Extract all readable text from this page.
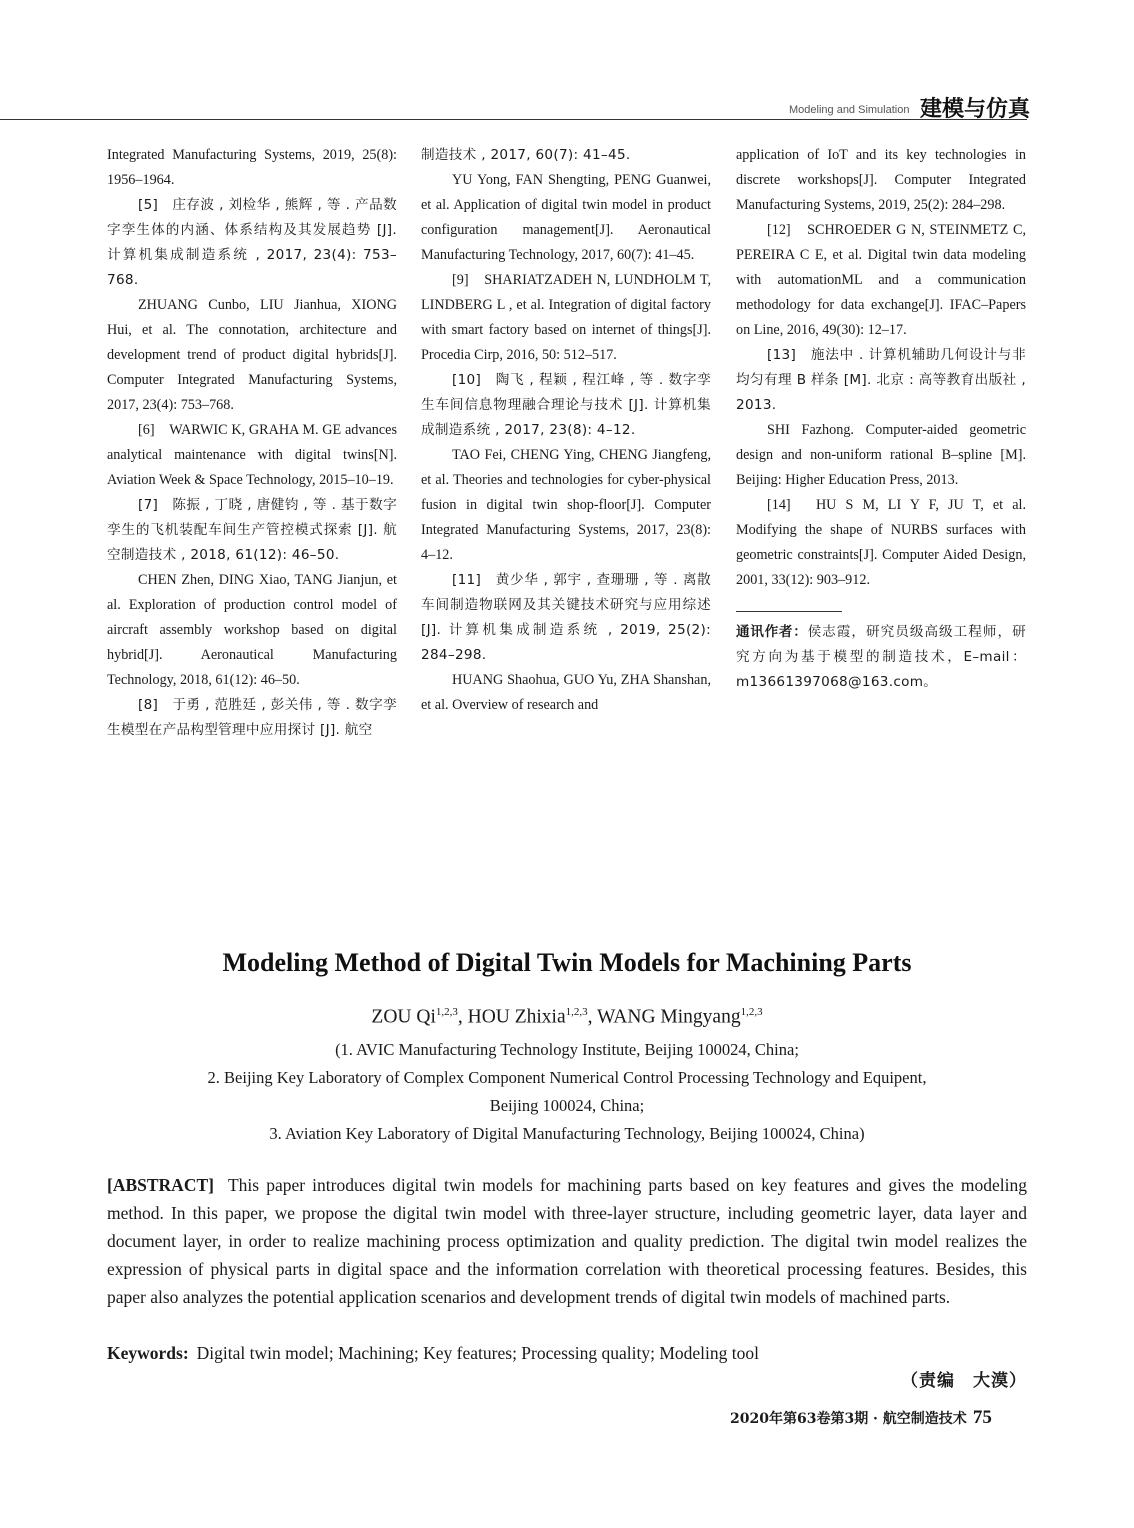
Modeling and Simulation 建模与仿真

Integrated Manufacturing Systems, 2019, 25(8): 1956–1964.

[5]　庄存波 , 刘检华 , 熊辉 , 等 . 产品数字孪生体的内涵、体系结构及其发展趋势 [J]. 计算机集成制造系统 , 2017, 23(4): 753–768.

ZHUANG Cunbo, LIU Jianhua, XIONG Hui, et al. The connotation, architecture and development trend of product digital hybrids[J]. Computer Integrated Manufacturing Systems, 2017, 23(4): 753–768.

[6]　WARWIC K, GRAHA M. GE advances analytical maintenance with digital twins[N]. Aviation Week & Space Technology, 2015–10–19.

[7]　陈振 , 丁晓 , 唐健钧 , 等 . 基于数字孪生的飞机装配车间生产管控模式探索 [J]. 航空制造技术 , 2018, 61(12): 46–50.

CHEN Zhen, DING Xiao, TANG Jianjun, et al. Exploration of production control model of aircraft assembly workshop based on digital hybrid[J]. Aeronautical Manufacturing Technology, 2018, 61(12): 46–50.

[8]　于勇 , 范胜廷 , 彭关伟 , 等 . 数字孪生模型在产品构型管理中应用探讨 [J]. 航空

制造技术 , 2017, 60(7): 41–45.

YU Yong, FAN Shengting, PENG Guanwei, et al. Application of digital twin model in product configuration management[J]. Aeronautical Manufacturing Technology, 2017, 60(7): 41–45.

[9]　SHARIATZADEH N, LUNDHOLM T, LINDBERG L , et al. Integration of digital factory with smart factory based on internet of things[J]. Procedia Cirp, 2016, 50: 512–517.

[10]　陶飞 , 程颖 , 程江峰 , 等 . 数字孪生车间信息物理融合理论与技术 [J]. 计算机集成制造系统 , 2017, 23(8): 4–12.

TAO Fei, CHENG Ying, CHENG Jiangfeng, et al. Theories and technologies for cyber-physical fusion in digital twin shop-floor[J]. Computer Integrated Manufacturing Systems, 2017, 23(8): 4–12.

[11]　黄少华 , 郭宇 , 查珊珊 , 等 . 离散车间制造物联网及其关键技术研究与应用综述 [J]. 计算机集成制造系统 , 2019, 25(2): 284–298.

HUANG Shaohua, GUO Yu, ZHA Shanshan, et al. Overview of research and

application of IoT and its key technologies in discrete workshops[J]. Computer Integrated Manufacturing Systems, 2019, 25(2): 284–298.

[12]　SCHROEDER G N, STEINMETZ C, PEREIRA C E, et al. Digital twin data modeling with automationML and a communication methodology for data exchange[J]. IFAC–Papers on Line, 2016, 49(30): 12–17.

[13]　施法中 . 计算机辅助几何设计与非均匀有理 B 样条 [M]. 北京 : 高等教育出版社 , 2013.

SHI Fazhong. Computer-aided geometric design and non-uniform rational B–spline [M]. Beijing: Higher Education Press, 2013.

[14]　HU S M, LI Y F, JU T, et al. Modifying the shape of NURBS surfaces with geometric constraints[J]. Computer Aided Design, 2001, 33(12): 903–912.

通讯作者：侯志霞，研究员级高级工程师，研究方向为基于模型的制造技术，E–mail：m13661397068@163.com。
Modeling Method of Digital Twin Models for Machining Parts
ZOU Qi$^{1,2,3}$, HOU Zhixia$^{1,2,3}$, WANG Mingyang$^{1,2,3}$
(1. AVIC Manufacturing Technology Institute, Beijing 100024, China;
2. Beijing Key Laboratory of Complex Component Numerical Control Processing Technology and Equipent,
Beijing 100024, China;
3. Aviation Key Laboratory of Digital Manufacturing Technology, Beijing 100024, China)
[ABSTRACT] This paper introduces digital twin models for machining parts based on key features and gives the modeling method. In this paper, we propose the digital twin model with three-layer structure, including geometric layer, data layer and document layer, in order to realize machining process optimization and quality prediction. The digital twin model realizes the expression of physical parts in digital space and the information correlation with theoretical processing features. Besides, this paper also analyzes the potential application scenarios and development trends of digital twin models of machined parts.
Keywords: Digital twin model; Machining; Key features; Processing quality; Modeling tool
（责编　大漠）
2020年第63卷第3期 · 航空制造技术 75
